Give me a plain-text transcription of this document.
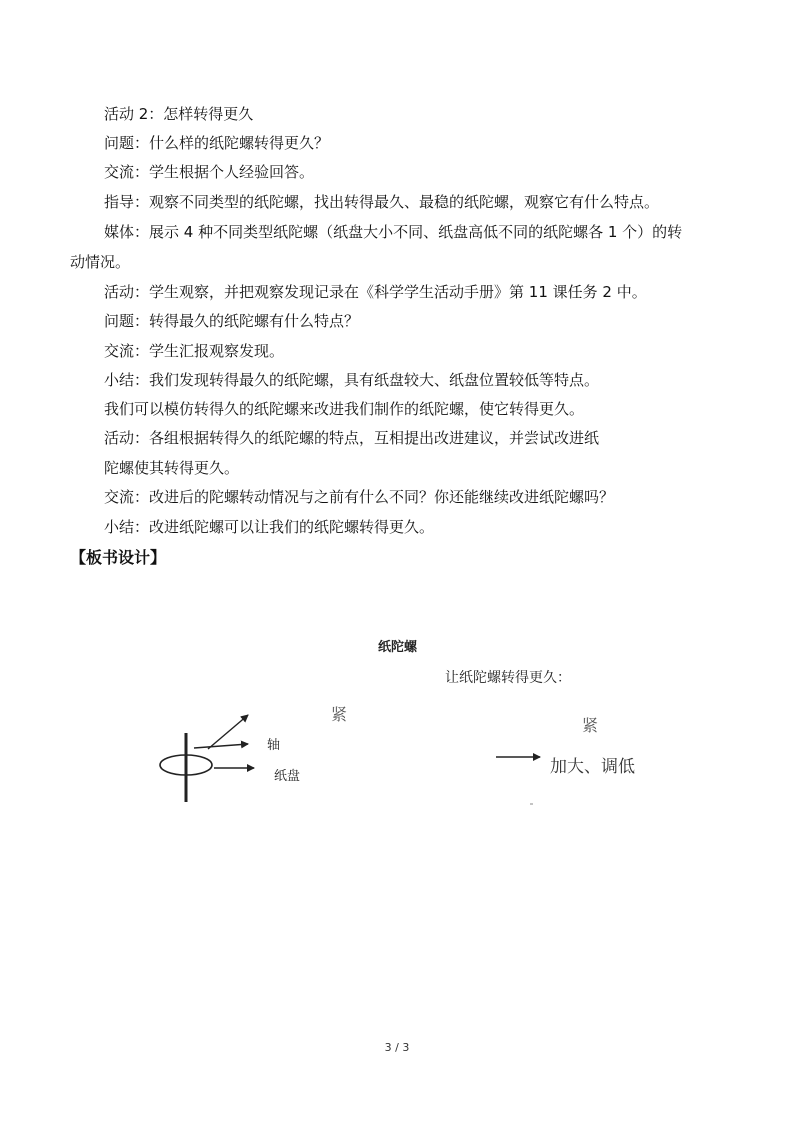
活动 2：怎样转得更久
问题：什么样的纸陀螺转得更久？
交流：学生根据个人经验回答。
指导：观察不同类型的纸陀螺，找出转得最久、最稳的纸陀螺，观察它有什么特点。
媒体：展示 4 种不同类型纸陀螺（纸盘大小不同、纸盘高低不同的纸陀螺各 1 个）的转
动情况。
活动：学生观察，并把观察发现记录在《科学学生活动手册》第 11 课任务 2 中。
问题：转得最久的纸陀螺有什么特点？
交流：学生汇报观察发现。
小结：我们发现转得最久的纸陀螺，具有纸盘较大、纸盘位置较低等特点。
我们可以模仿转得久的纸陀螺来改进我们制作的纸陀螺，使它转得更久。
活动：各组根据转得久的纸陀螺的特点，互相提出改进建议，并尝试改进纸
陀螺使其转得更久。
交流：改进后的陀螺转动情况与之前有什么不同？你还能继续改进纸陀螺吗？
小结：改进纸陀螺可以让我们的纸陀螺转得更久。
【板书设计】
纸陀螺
让纸陀螺转得更久：
紧
紧
轴
纸盘	加大、调低
3 / 3
